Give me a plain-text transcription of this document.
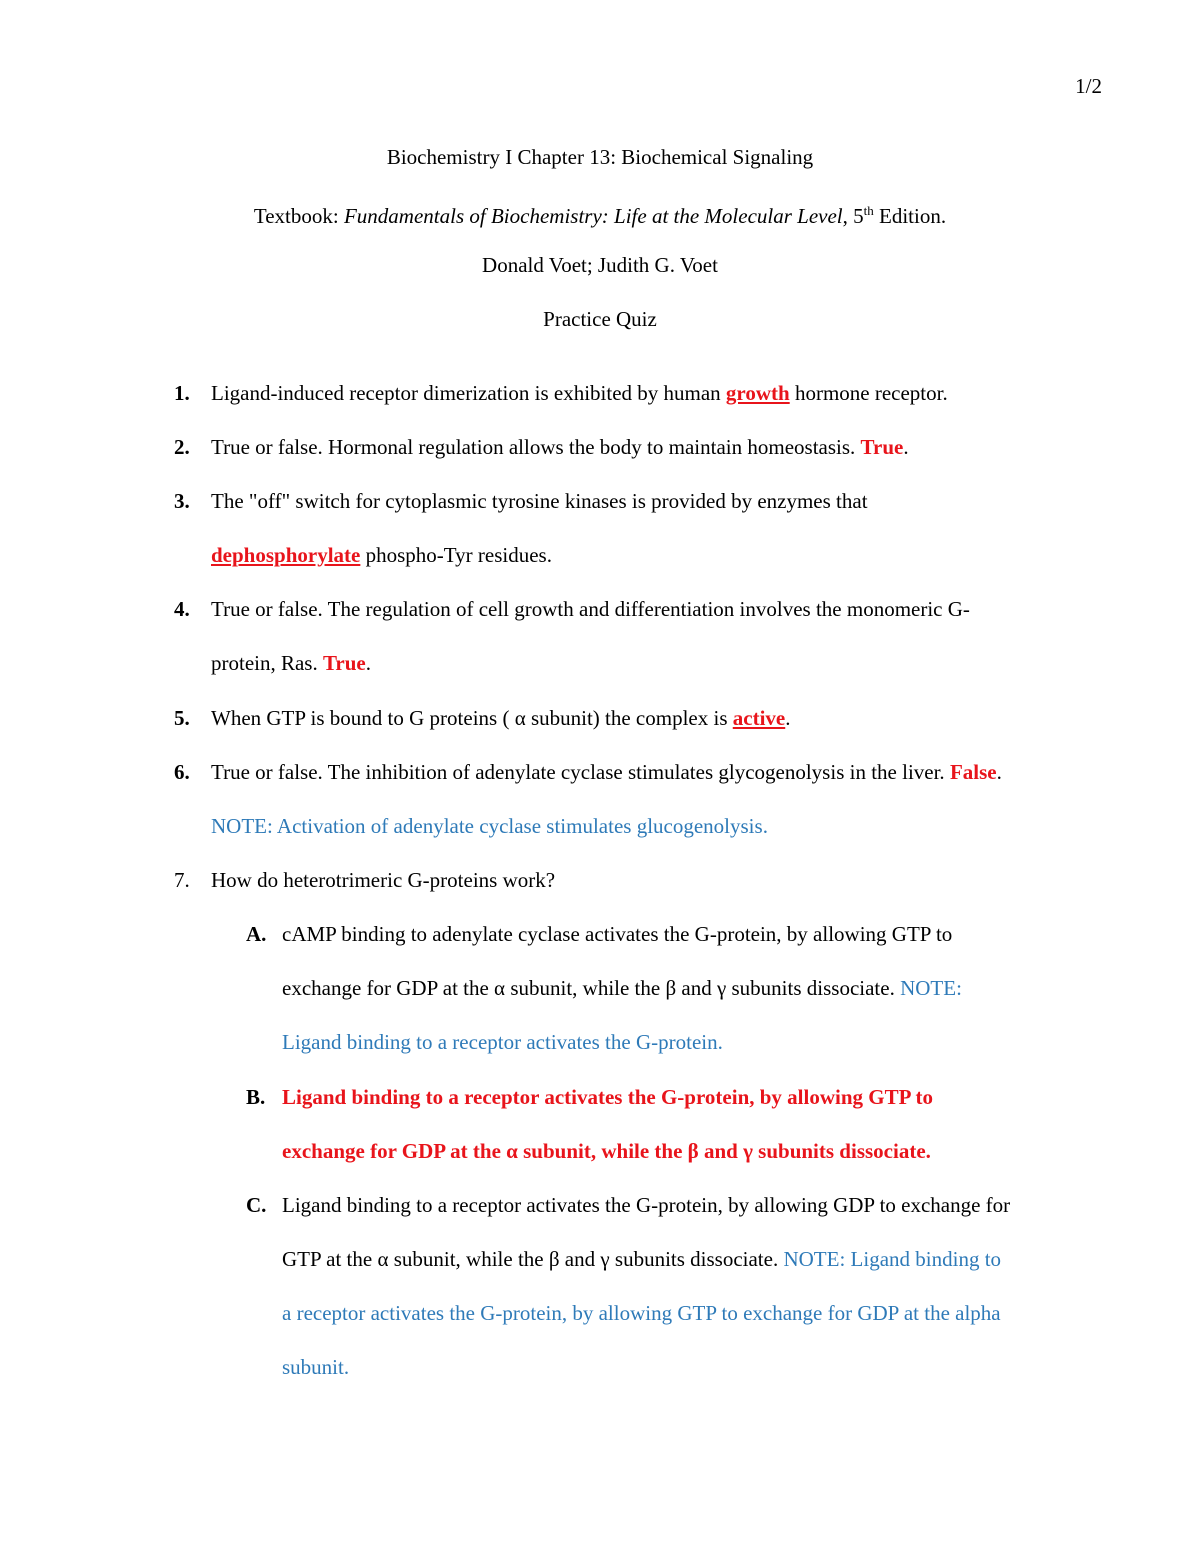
1/2
Biochemistry I Chapter 13: Biochemical Signaling
Textbook: Fundamentals of Biochemistry: Life at the Molecular Level, 5th Edition.
Donald Voet; Judith G. Voet
Practice Quiz
1. Ligand-induced receptor dimerization is exhibited by human growth hormone receptor.
2. True or false. Hormonal regulation allows the body to maintain homeostasis. True.
3. The "off" switch for cytoplasmic tyrosine kinases is provided by enzymes that
dephosphorylate phospho-Tyr residues.
4. True or false. The regulation of cell growth and differentiation involves the monomeric G-
protein, Ras. True.
5. When GTP is bound to G proteins ( α subunit) the complex is active.
6. True or false. The inhibition of adenylate cyclase stimulates glycogenolysis in the liver. False.
NOTE: Activation of adenylate cyclase stimulates glucogenolysis.
7. How do heterotrimeric G-proteins work?
A. cAMP binding to adenylate cyclase activates the G-protein, by allowing GTP to
exchange for GDP at the α subunit, while the β and γ subunits dissociate. NOTE:
Ligand binding to a receptor activates the G-protein.
B. Ligand binding to a receptor activates the G-protein, by allowing GTP to
exchange for GDP at the α subunit, while the β and γ subunits dissociate.
C. Ligand binding to a receptor activates the G-protein, by allowing GDP to exchange for
GTP at the α subunit, while the β and γ subunits dissociate. NOTE: Ligand binding to
a receptor activates the G-protein, by allowing GTP to exchange for GDP at the alpha
subunit.
